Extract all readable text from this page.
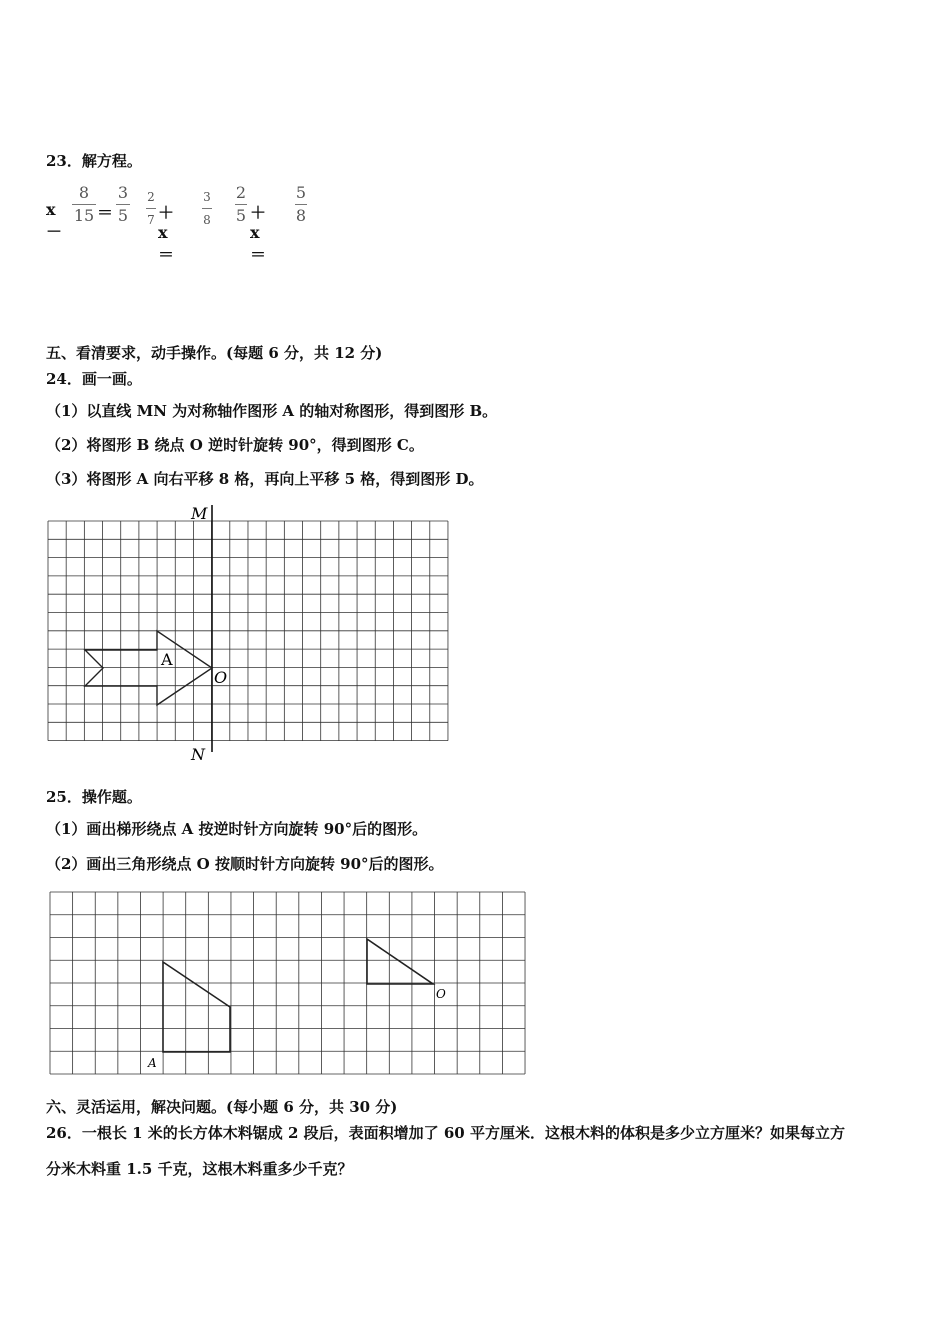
23．解方程。
x－
8
15 ＝
3
5
2
7 ＋x＝
3
8
2
5 ＋x＝
5
8
五、看清要求，动手操作。(每题 6 分，共 12 分)
24．画一画。
（1）以直线 MN 为对称轴作图形 A 的轴对称图形，得到图形 B。
（2）将图形 B 绕点 O 逆时针旋转 90°，得到图形 C。
（3）将图形 A 向右平移 8 格，再向上平移 5 格，得到图形 D。
M
N
O
A
25．操作题。
（1）画出梯形绕点 A 按逆时针方向旋转 90°后的图形。
（2）画出三角形绕点 O 按顺时针方向旋转 90°后的图形。
A
O
六、灵活运用，解决问题。(每小题 6 分，共 30 分)
26．一根长 1 米的长方体木料锯成 2 段后，表面积增加了 60 平方厘米．这根木料的体积是多少立方厘米？如果每立方
分米木料重 1.5 千克，这根木料重多少千克？
